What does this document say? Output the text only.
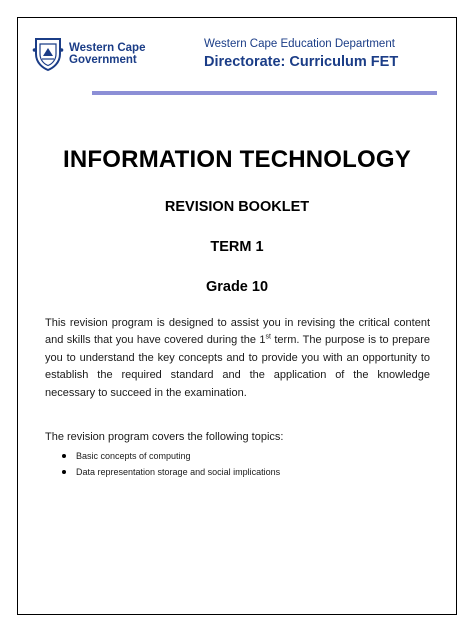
Western Cape
Government
Western Cape Education Department
Directorate: Curriculum FET
INFORMATION TECHNOLOGY
REVISION BOOKLET
TERM 1
Grade 10
This revision program is designed to assist you in revising the critical content and skills that you have covered during the 1st term. The purpose is to prepare you to understand the key concepts and to provide you with an opportunity to establish the required standard and the application of the knowledge necessary to succeed in the examination.
The revision program covers the following topics:
Basic concepts of computing
Data representation storage and social implications
